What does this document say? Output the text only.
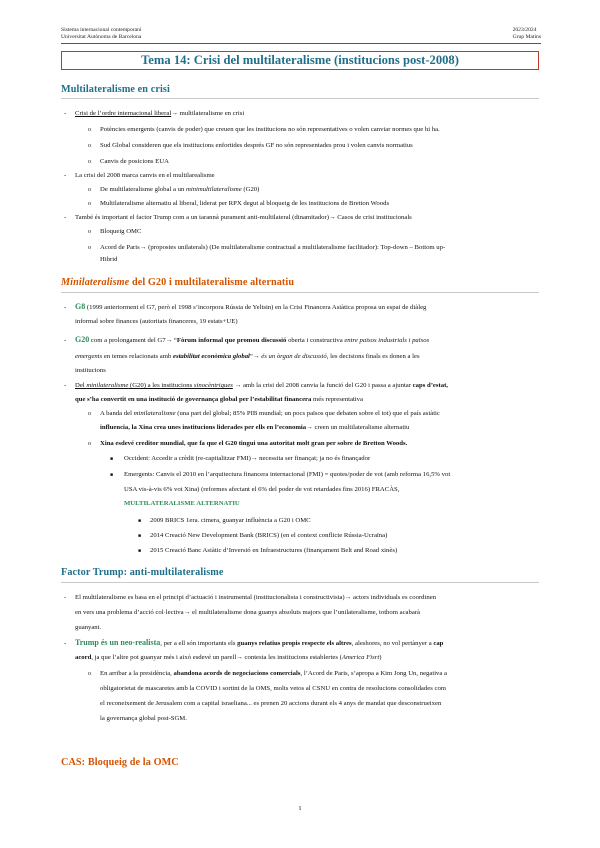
Sistema internacional contemporani
Universitat Autònoma de Barcelona
2023/2024
Grup Matins
Tema 14: Crisi del multilateralisme (institucions post-2008)
Multilateralisme en crisi
- Crisi de l’ordre internacional liberal→ multilateralisme en crisi
o Potències emergents (canvis de poder) que creuen que les institucions no són representatives o volen canviar normes que hi ha.
o Sud Global consideren que els institucions enfortides després GF no són representades prou i volen canvis normatius
o Canvis de posicions EUA
- La crisi del 2008 marca canvis en el multilarealisme
o De multilateralisme global a un minimultilateralisme (G20)
o Multilateralisme alternatiu al liberal, liderat per RPX degut al bloqueig de les institucions de Bretton Woods
- També és important el factor Trump com a un tarannà purament anti-multilateral (dinamitador)→ Casos de crisi institucionals
o Bloqueig OMC
o Acord de Paris→ (propostes unilaterals) (De multilateralisme contractual a multilateralisme facilitador): Top-down – Bottom up-
Hibrid
Minilateralisme del G20 i multilateralisme alternatiu
- G8 (1999 anteriorment el G7, però el 1998 s’incorpora Rússia de Yeltsin) en la Crisi Financera Asiàtica proposa un espai de diàleg
informal sobre finances (autoritats financeres, 19 estats+UE)
- G20 com a prolongament del G7→ “Fòrum informal que promou discussió oberta i constructiva entre països industrials i països
emergents en temes relacionats amb estabilitat econòmica global”→ és un òrgan de discussió, les decisions finals es donen a les
institucions
- Del minilateralisme (G20) a les institucions sinocèntriques → amb la crisi del 2008 canvia la funció del G20 i passa a ajuntar caps d’estat,
que s’ha convertit en una institució de governança global per l’estabilitat financera més representativa
o A banda del minilateralisme (una part del global; 85% PIB mundial; un pocs països que debaten sobre el tot) que el país asiàtic
influencia, la Xina crea unes institucions liderades per ells en l’economia→ creen un multilateralisme alternatiu
o Xina esdevé creditor mundial, que fa que el G20 tingui una autoritat molt gran per sobre de Bretton Woods.
■ Occident: Accedir a crèdit (re-capitalitzar FMI)→ necessita ser finançat; ja no és finançador
■ Emergents: Canvis el 2010 en l’arquitectura financera internacional (FMI) = quotes/poder de vot (amb reforma 16,5% vot
USA vis-à-vis 6% vot Xina) (reformes afectant el 6% del poder de vot retardades fins 2016) FRACÀS,
MULTILATERALISME ALTERNATIU
■ 2009 BRICS 1era. cimera, guanyar influència a G20 i OMC
■ 2014 Creació New Development Bank (BRICS) (en el context conflicte Rússia-Ucraïna)
■ 2015 Creació Banc Asiàtic d’Inversió en Infraestructures (finançament Belt and Road xinès)
Factor Trump: anti-multilateralisme
- El multilateralisme es basa en el principi d’actuació i instrumental (institucionalista i constructivista)→ actors individuals es coordinen
en vers una problema d’acció col·lectiva→ el multilateralisme dona guanys absoluts majors que l’unilateralisme, tothom acabarà
guanyant.
- Trump és un neo-realista, per a ell són importants els guanys relatius propis respecte els altres, aleshores, no vol pertànyer a cap
acord, ja que l’altre pot guanyar més i això esdevé un parell→ contesta les institucions establertes (America Fisrt)
o En arribar a la presidència, abandona acords de negociacions comercials, l’Acord de Paris, s’apropa a Kim Jong Un, negativa a
obligatorietat de mascaretes amb la COVID i sortint de la OMS, molts vetos al CSNU en contra de resolucions consolidades com
el reconeixement de Jerusalem com a capital israeliana... es prenen 20 accions durant els 4 anys de mandat que desconstrueixen
la governança global post-SGM.
CAS: Bloqueig de la OMC
1
